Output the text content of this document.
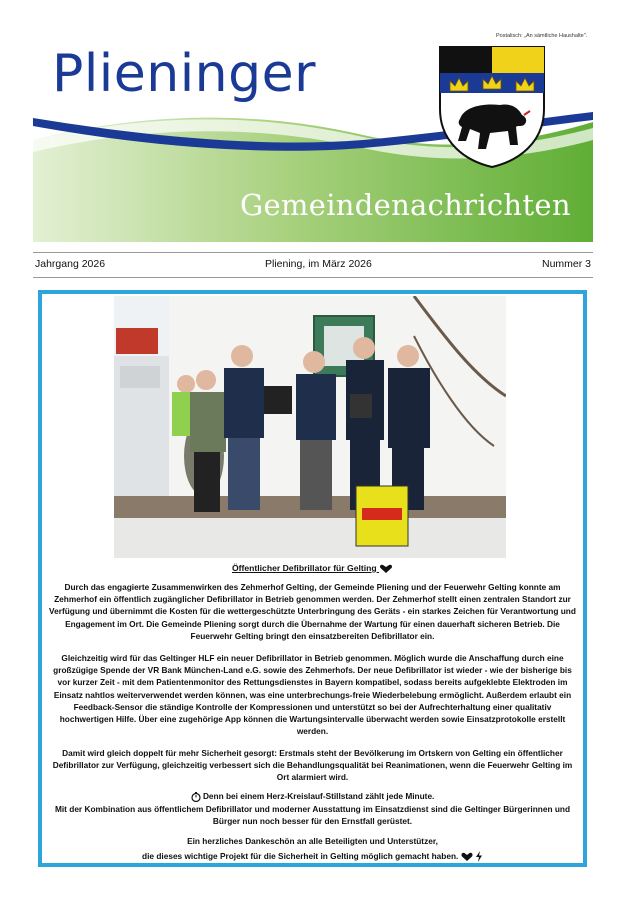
Postalisch: „An sämtliche Haushalte".
Plieninger
Gemeindenachrichten
Jahrgang 2026	Pliening, im März 2026	Nummer 3
Öffentlicher Defibrillator für Gelting

Durch das engagierte Zusammenwirken des Zehmerhof Gelting, der Gemeinde Pliening und der Feuerwehr Gelting konnte am Zehmerhof ein öffentlich zugänglicher Defibrillator in Betrieb genommen werden. Der Zehmerhof stellt einen zentralen Standort zur Verfügung und übernimmt die Kosten für die wettergeschützte Unterbringung des Geräts - ein starkes Zeichen für Verantwortung und Engagement im Ort. Die Gemeinde Pliening sorgt durch die Übernahme der Wartung für einen dauerhaft sicheren Betrieb. Die Feuerwehr Gelting bringt den einsatzbereiten Defibrillator ein.

Gleichzeitig wird für das Geltinger HLF ein neuer Defibrillator in Betrieb genommen. Möglich wurde die Anschaffung durch eine großzügige Spende der VR Bank München-Land e.G. sowie des Zehmerhofs. Der neue Defibrillator ist wieder - wie der bisherige bis vor kurzer Zeit - mit dem Patientenmonitor des Rettungsdienstes in Bayern kompatibel, sodass bereits aufgeklebte Elektroden im Einsatz nahtlos weiterverwendet werden können, was eine unterbrechungs-freie Wiederbelebung ermöglicht. Außerdem erlaubt ein Feedback-Sensor die ständige Kontrolle der Kompressionen und unterstützt so bei der Aufrechterhaltung einer qualitativ hochwertigen Hilfe. Über eine zugehörige App können die Wartungsintervalle überwacht werden sowie Einsatzprotokolle erstellt werden.

Damit wird gleich doppelt für mehr Sicherheit gesorgt: Erstmals steht der Bevölkerung im Ortskern von Gelting ein öffentlicher Defibrillator zur Verfügung, gleichzeitig verbessert sich die Behandlungsqualität bei Reanimationen, wenn die Feuerwehr Gelting im Ort alarmiert wird.

Denn bei einem Herz-Kreislauf-Stillstand zählt jede Minute.

Mit der Kombination aus öffentlichem Defibrillator und moderner Ausstattung im Einsatzdienst sind die Geltinger Bürgerinnen und Bürger nun noch besser für den Ernstfall gerüstet.

Ein herzliches Dankeschön an alle Beteiligten und Unterstützer,

die dieses wichtige Projekt für die Sicherheit in Gelting möglich gemacht haben.
